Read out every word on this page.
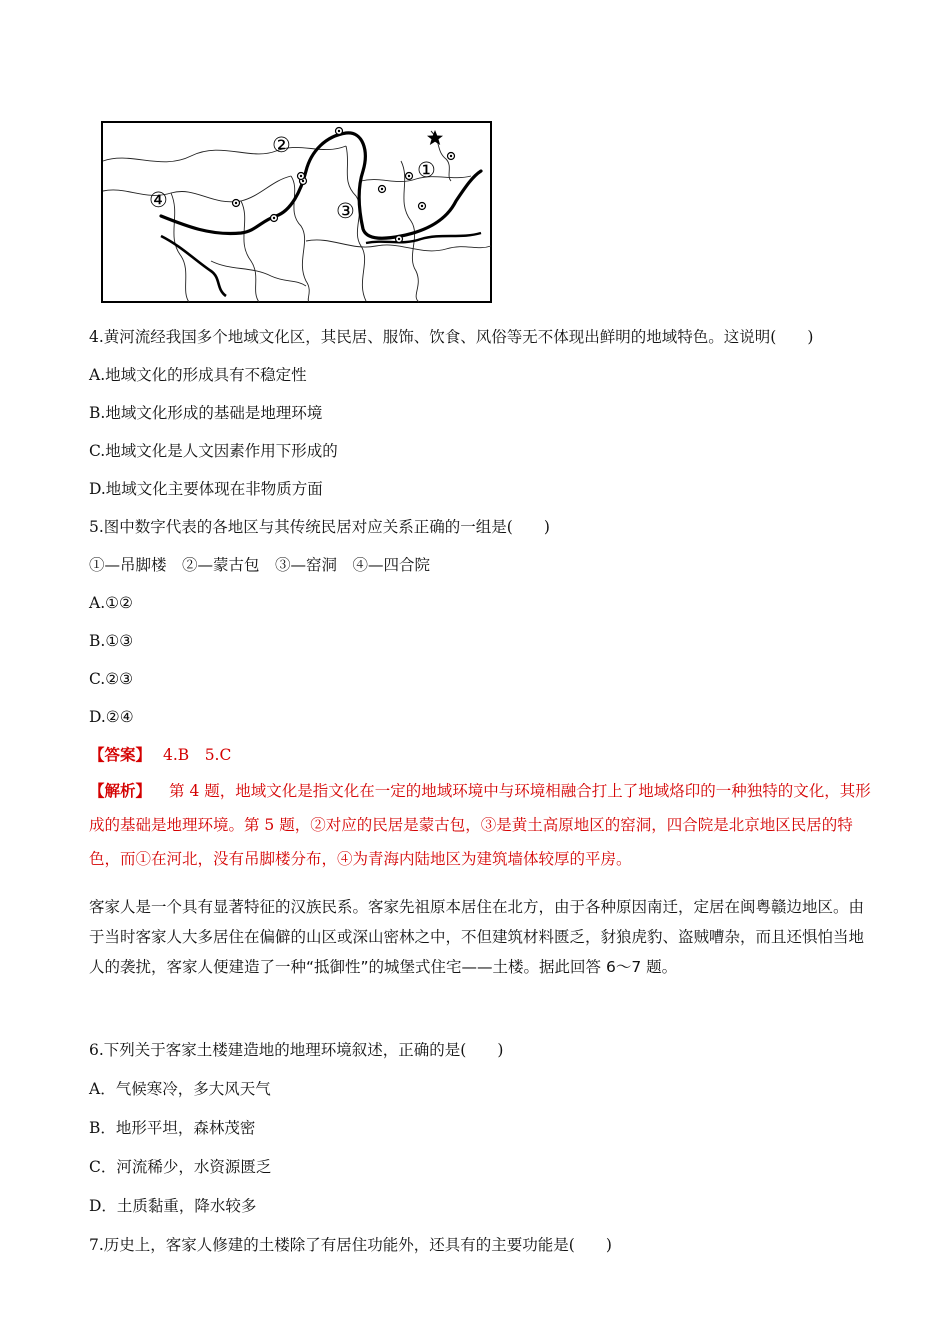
①
②
③
④
4.黄河流经我国多个地域文化区，其民居、服饰、饮食、风俗等无不体现出鲜明的地域特色。这说明(　　)
A.地域文化的形成具有不稳定性
B.地域文化形成的基础是地理环境
C.地域文化是人文因素作用下形成的
D.地域文化主要体现在非物质方面
5.图中数字代表的各地区与其传统民居对应关系正确的一组是(　　)
①—吊脚楼　②—蒙古包　③—窑洞　④—四合院
A.①②
B.①③
C.②③
D.②④
【答案】 4.B　5.C
【解析】 第 4 题，地域文化是指文化在一定的地域环境中与环境相融合打上了地域烙印的一种独特的文化，其形成的基础是地理环境。第 5 题，②对应的民居是蒙古包，③是黄土高原地区的窑洞，四合院是北京地区民居的特色，而①在河北，没有吊脚楼分布，④为青海内陆地区为建筑墙体较厚的平房。
客家人是一个具有显著特征的汉族民系。客家先祖原本居住在北方，由于各种原因南迁，定居在闽粤赣边地区。由于当时客家人大多居住在偏僻的山区或深山密林之中，不但建筑材料匮乏，豺狼虎豹、盗贼嘈杂，而且还惧怕当地人的袭扰，客家人便建造了一种“抵御性”的城堡式住宅——土楼。据此回答 6～7 题。
6.下列关于客家土楼建造地的地理环境叙述，正确的是(　　)
A．气候寒冷，多大风天气
B．地形平坦，森林茂密
C．河流稀少，水资源匮乏
D．土质黏重，降水较多
7.历史上，客家人修建的土楼除了有居住功能外，还具有的主要功能是(　　)
